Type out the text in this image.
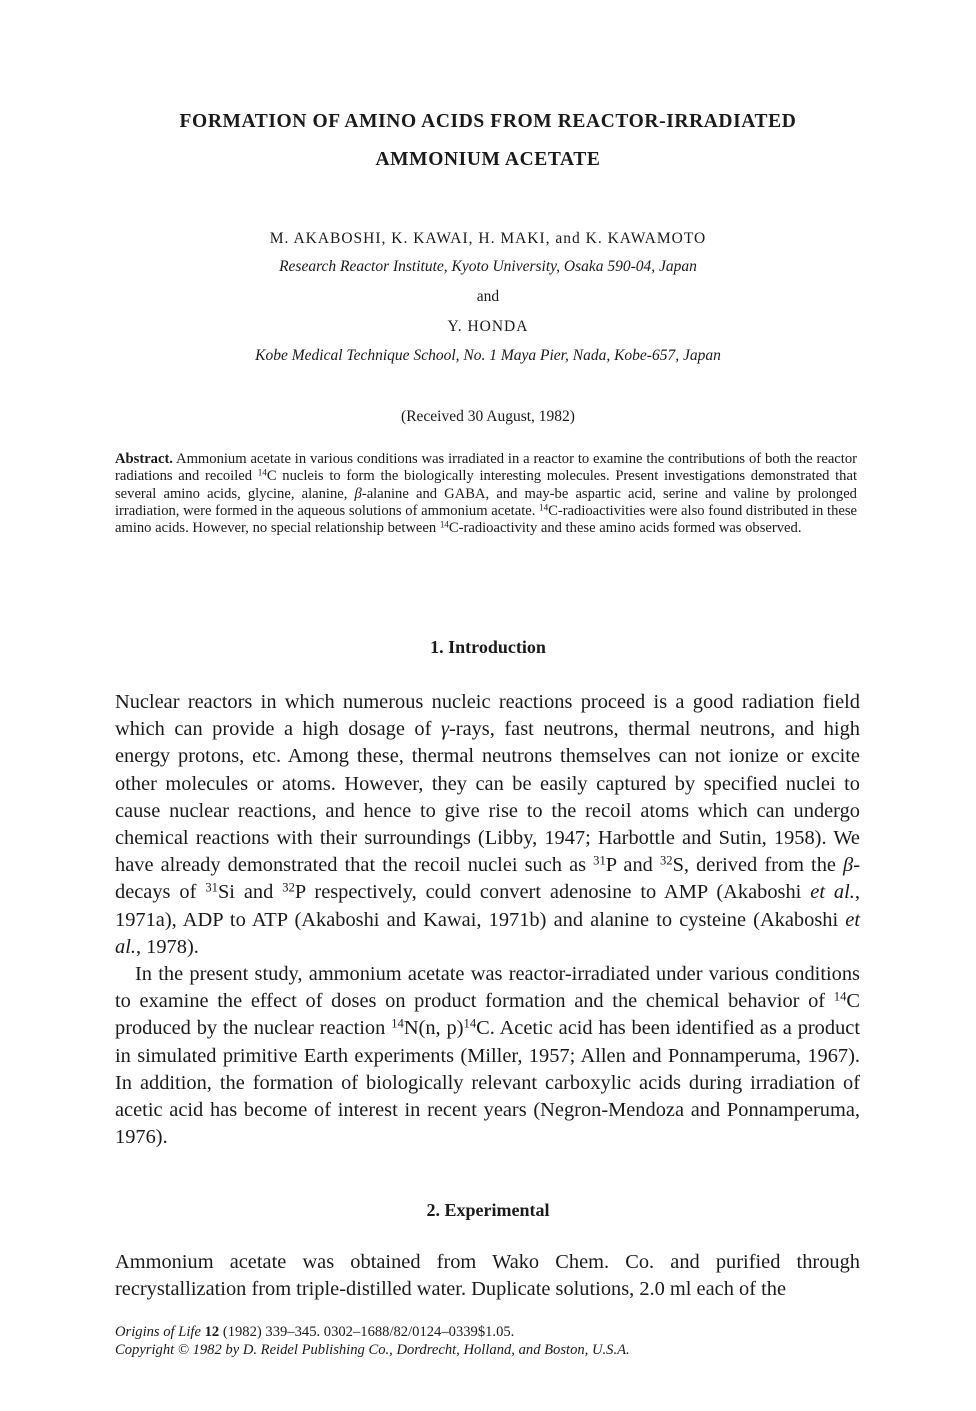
FORMATION OF AMINO ACIDS FROM REACTOR-IRRADIATED
AMMONIUM ACETATE
M. AKABOSHI, K. KAWAI, H. MAKI, and K. KAWAMOTO
Research Reactor Institute, Kyoto University, Osaka 590-04, Japan
and
Y. HONDA
Kobe Medical Technique School, No. 1 Maya Pier, Nada, Kobe-657, Japan
(Received 30 August, 1982)
Abstract. Ammonium acetate in various conditions was irradiated in a reactor to examine the contributions of both the reactor radiations and recoiled $^{14}$C nucleis to form the biologically interesting molecules. Present investigations demonstrated that several amino acids, glycine, alanine, β-alanine and GABA, and may-be aspartic acid, serine and valine by prolonged irradiation, were formed in the aqueous solutions of ammonium acetate. $^{14}$C-radioactivities were also found distributed in these amino acids. However, no special relationship between $^{14}$C-radioactivity and these amino acids formed was observed.
1. Introduction

Nuclear reactors in which numerous nucleic reactions proceed is a good radiation field which can provide a high dosage of γ-rays, fast neutrons, thermal neutrons, and high energy protons, etc. Among these, thermal neutrons themselves can not ionize or excite other molecules or atoms. However, they can be easily captured by specified nuclei to cause nuclear reactions, and hence to give rise to the recoil atoms which can undergo chemical reactions with their surroundings (Libby, 1947; Harbottle and Sutin, 1958). We have already demonstrated that the recoil nuclei such as $^{31}$P and $^{32}$S, derived from the β-decays of $^{31}$Si and $^{32}$P respectively, could convert adenosine to AMP (Akaboshi et al., 1971a), ADP to ATP (Akaboshi and Kawai, 1971b) and alanine to cysteine (Akaboshi et al., 1978).

In the present study, ammonium acetate was reactor-irradiated under various conditions to examine the effect of doses on product formation and the chemical behavior of $^{14}$C produced by the nuclear reaction $^{14}$N(n, p)$^{14}$C. Acetic acid has been identified as a product in simulated primitive Earth experiments (Miller, 1957; Allen and Ponnamperuma, 1967). In addition, the formation of biologically relevant carboxylic acids during irradiation of acetic acid has become of interest in recent years (Negron-Mendoza and Ponnamperuma, 1976).

2. Experimental

Ammonium acetate was obtained from Wako Chem. Co. and purified through recrystallization from triple-distilled water. Duplicate solutions, 2.0 ml each of the

Origins of Life 12 (1982) 339–345. 0302–1688/82/0124–0339$1.05.
Copyright © 1982 by D. Reidel Publishing Co., Dordrecht, Holland, and Boston, U.S.A.
